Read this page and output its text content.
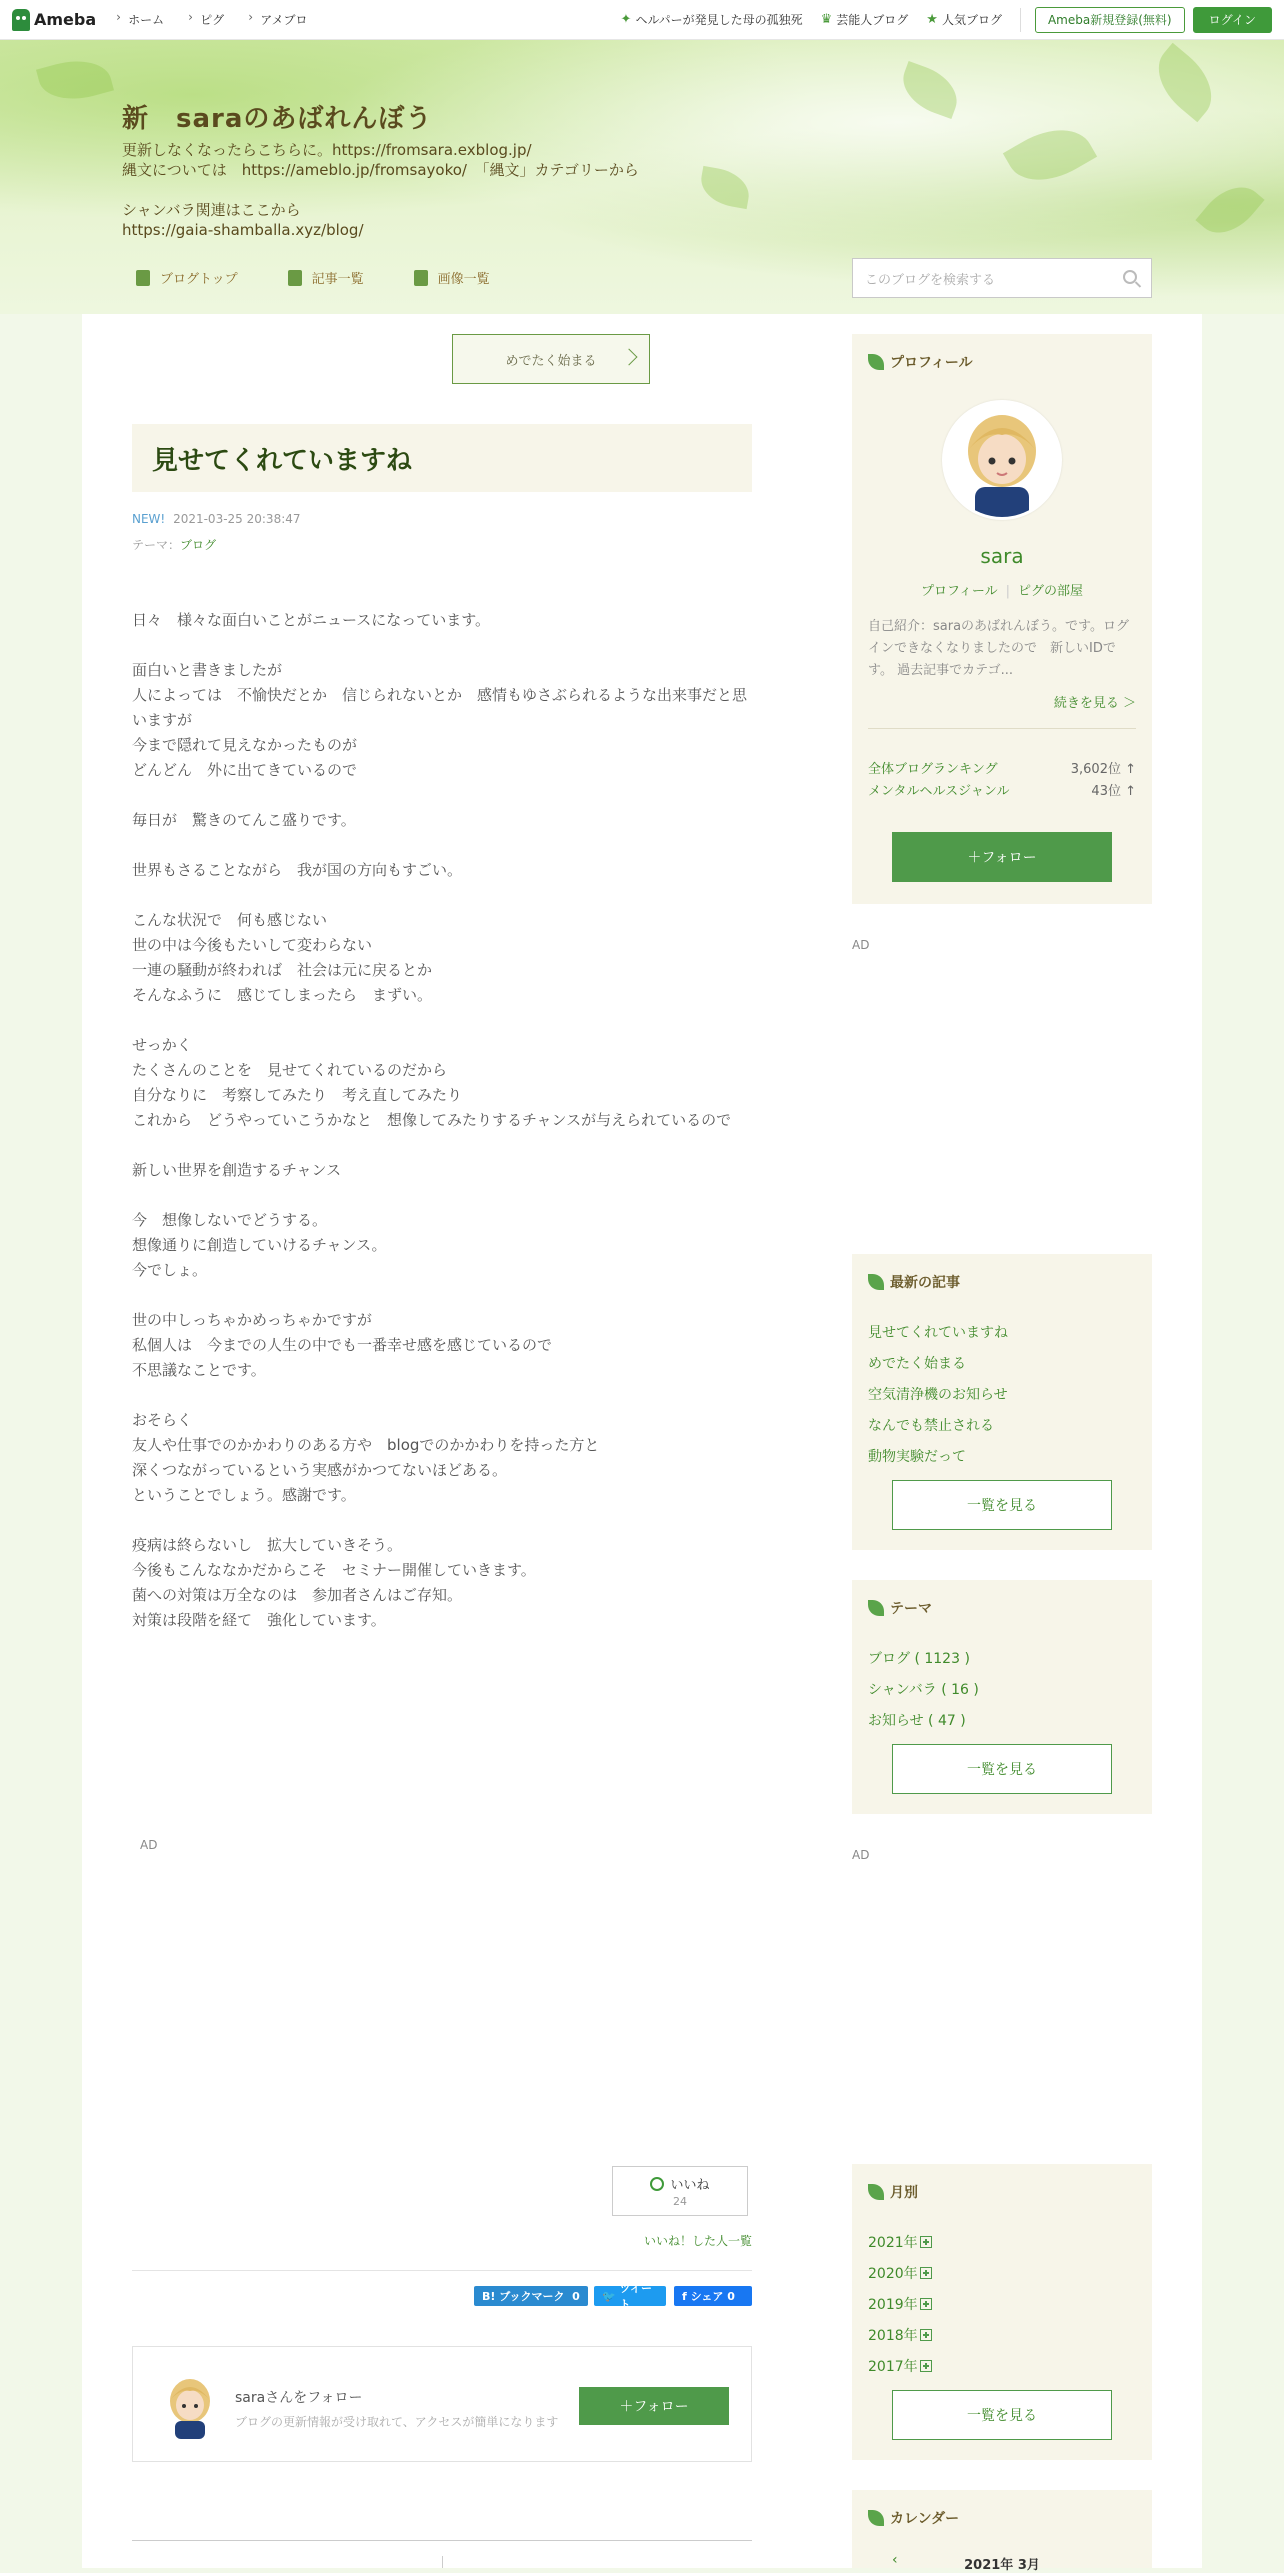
Ameba	› ホーム	› ピグ	› アメブロ	✦ ヘルパーが発見した母の孤独死 ♛ 芸能人ブログ ★ 人気ブログ	Ameba新規登録(無料)	ログイン
新　saraのあばれんぼう
更新しなくなったらこちらに。https://fromsara.exblog.jp/
縄文については　https://ameblo.jp/fromsayoko/　「縄文」カテゴリーから

シャンバラ関連はここから
https://gaia-shamballa.xyz/blog/
ブログトップ	記事一覧	画像一覧	このブログを検索する
めでたく始まる
見せてくれていますね
NEW! 2021-03-25 20:38:47
テーマ：ブログ

日々　様々な面白いことがニュースになっています。

面白いと書きましたが

人によっては　不愉快だとか　信じられないとか　感情もゆさぶられるような出来事だと思いますが

今まで隠れて見えなかったものが

どんどん　外に出てきているので

毎日が　驚きのてんこ盛りです。

世界もさることながら　我が国の方向もすごい。

こんな状況で　何も感じない

世の中は今後もたいして変わらない

一連の騒動が終われば　社会は元に戻るとか

そんなふうに　感じてしまったら　まずい。

せっかく

たくさんのことを　見せてくれているのだから

自分なりに　考察してみたり　考え直してみたり

これから　どうやっていこうかなと　想像してみたりするチャンスが与えられているので

新しい世界を創造するチャンス

今　想像しないでどうする。

想像通りに創造していけるチャンス。

今でしょ。

世の中しっちゃかめっちゃかですが

私個人は　今までの人生の中でも一番幸せ感を感じているので

不思議なことです。

おそらく

友人や仕事でのかかわりのある方や　blogでのかかわりを持った方と

深くつながっているという実感がかつてないほどある。

ということでしょう。感謝です。

疫病は終らないし　拡大していきそう。

今後もこんななかだからこそ　セミナー開催していきます。

菌への対策は万全なのは　参加者さんはご存知。

対策は段階を経て　強化しています。

AD
いいね
24
いいね！した人一覧
B! ブックマーク
0 🐦

ツイート
f
シェア
0
saraさんをフォロー
ブログの更新情報が受け取れて、アクセスが簡単になります
＋フォロー
プロフィール
sara
プロフィール | ピグの部屋
自己紹介：saraのあばれんぼう。です。ログインできなくなりましたので　新しいIDです。 過去記事でカテゴ...
続きを見る ＞
全体ブログランキング	3,602位 ↑
メンタルヘルスジャンル	43位 ↑
＋フォロー
AD
最新の記事
見せてくれていますね
めでたく始まる
空気清浄機のお知らせ
なんでも禁止される
動物実験だって
一覧を見る
テーマ
ブログ ( 1123 )
シャンバラ ( 16 )
お知らせ ( 47 )
一覧を見る
AD
月別
2021年
2020年
2019年
2018年
2017年
一覧を見る
カレンダー
‹	2021年 3月
